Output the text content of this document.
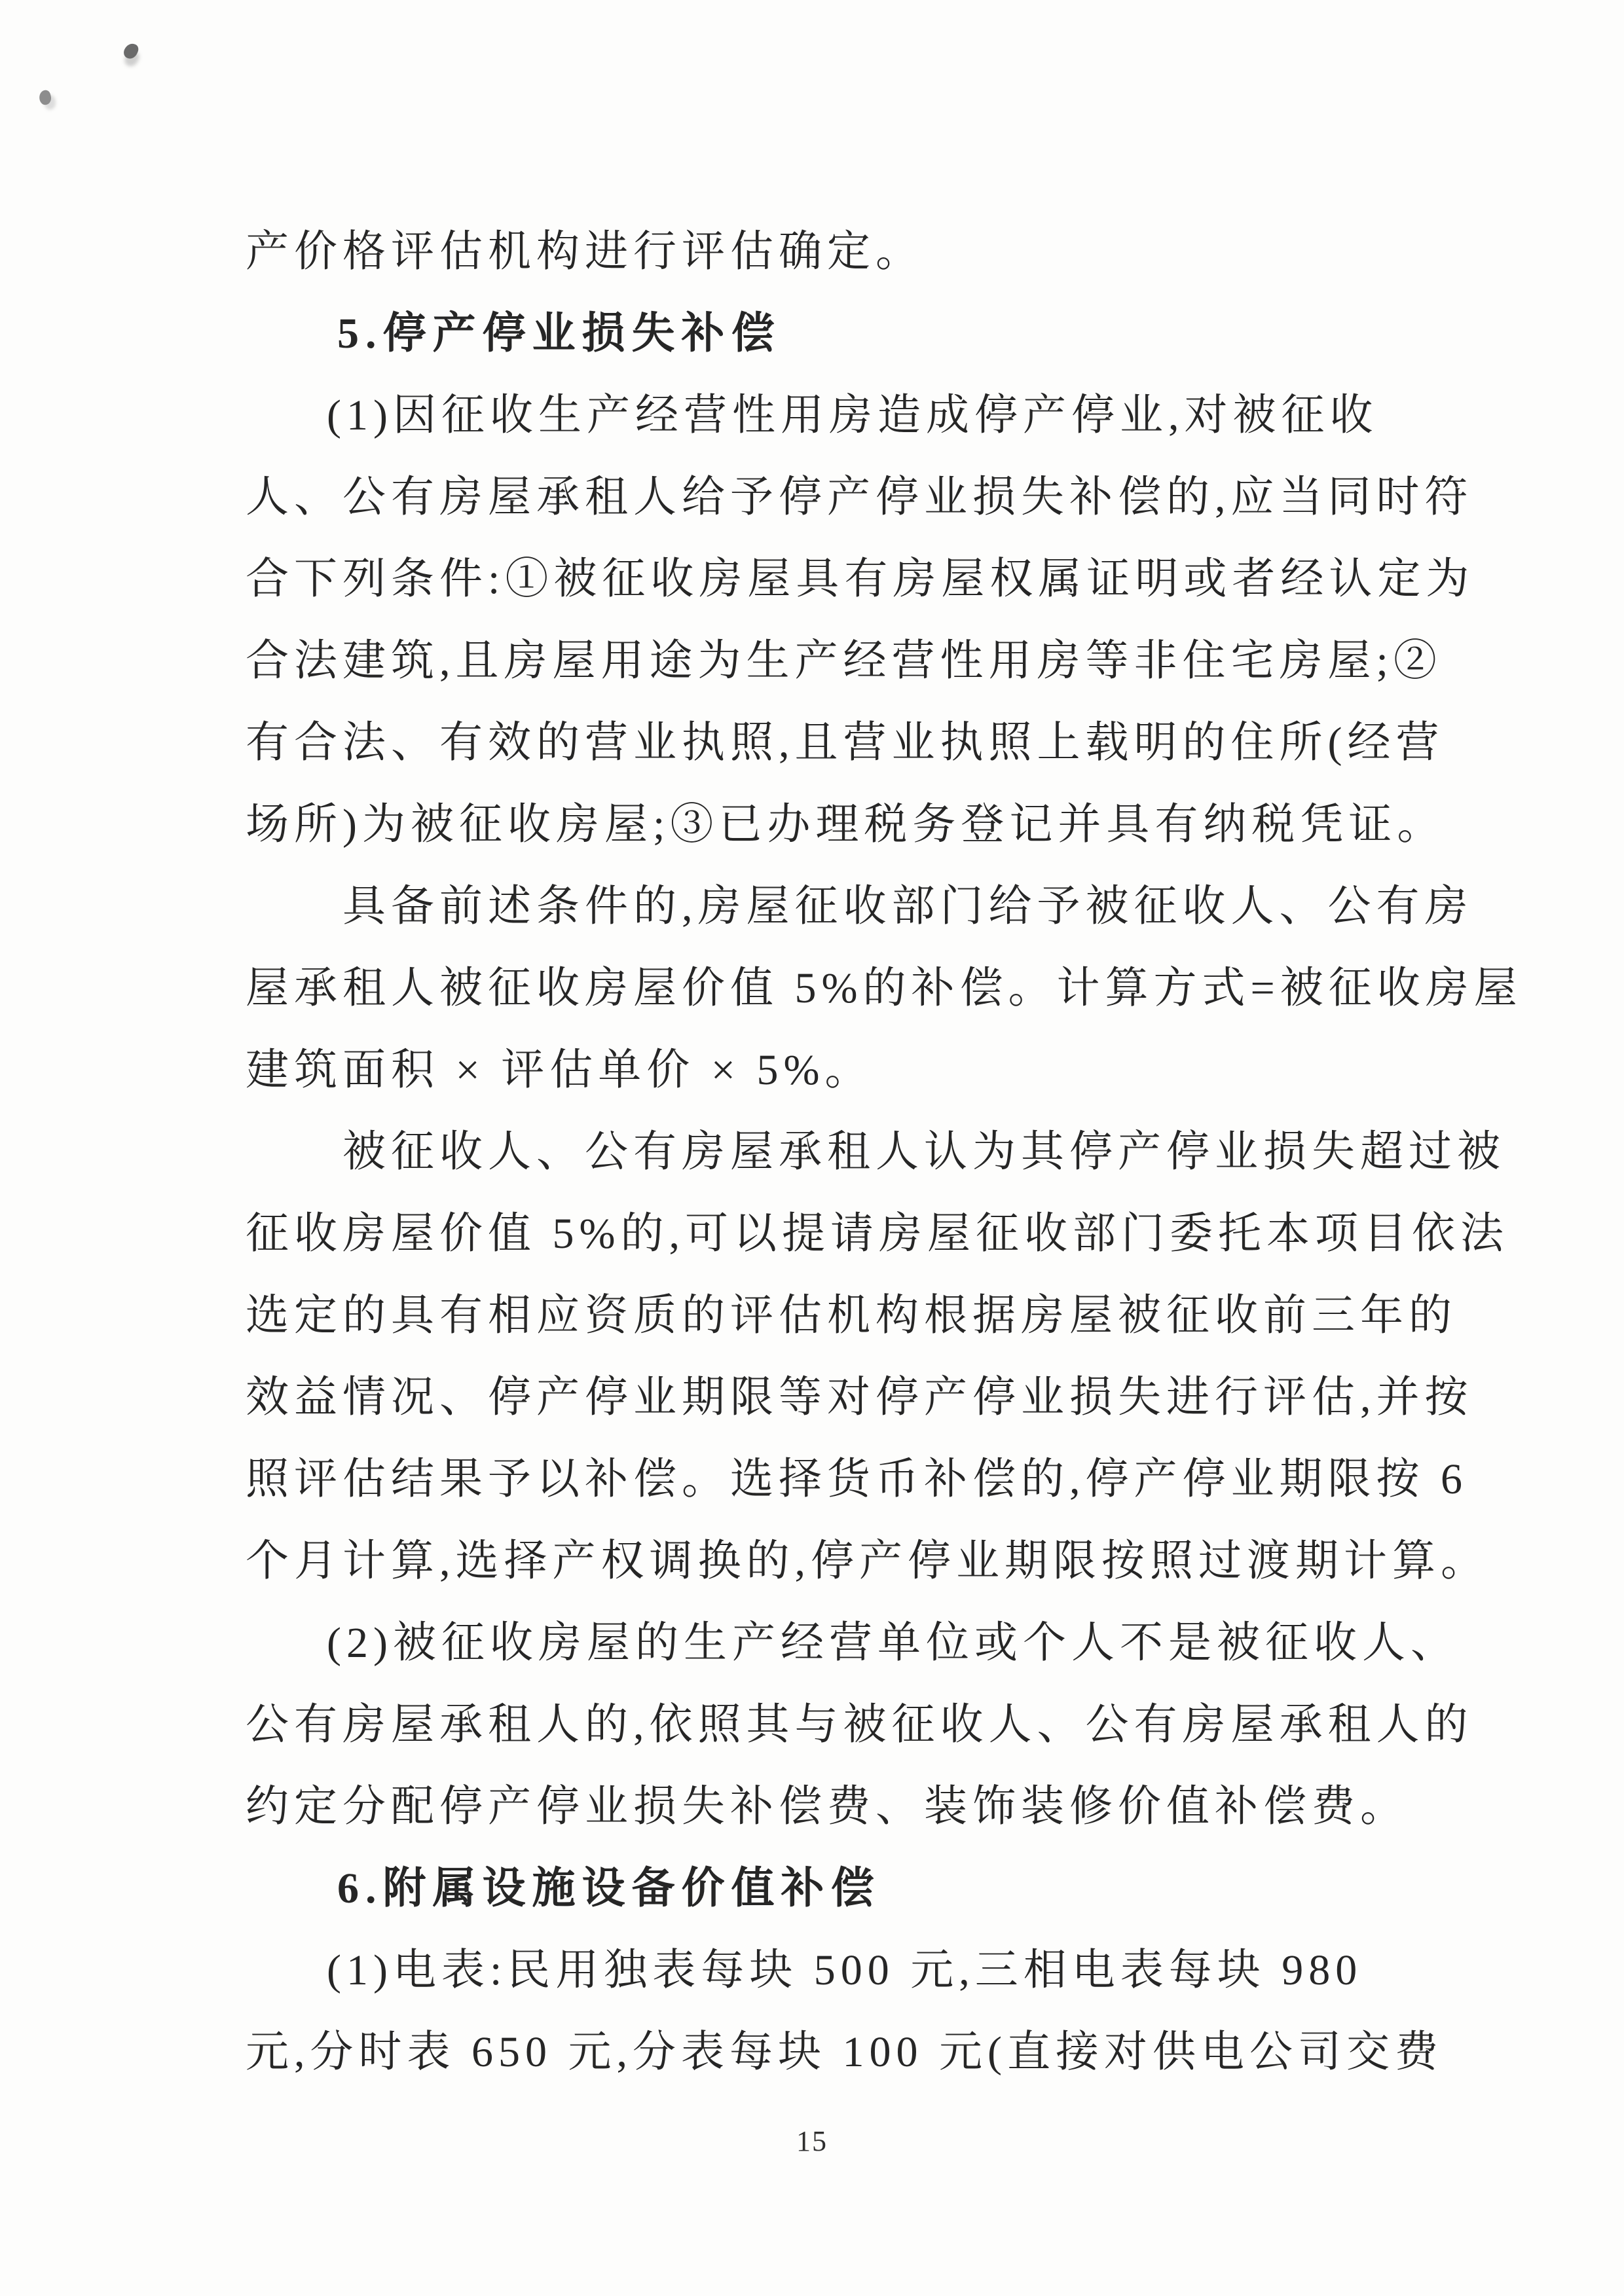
产价格评估机构进行评估确定。

5.停产停业损失补偿

(1)因征收生产经营性用房造成停产停业,对被征收

人、公有房屋承租人给予停产停业损失补偿的,应当同时符

合下列条件:①被征收房屋具有房屋权属证明或者经认定为

合法建筑,且房屋用途为生产经营性用房等非住宅房屋;②

有合法、有效的营业执照,且营业执照上载明的住所(经营

场所)为被征收房屋;③已办理税务登记并具有纳税凭证。

具备前述条件的,房屋征收部门给予被征收人、公有房

屋承租人被征收房屋价值 5%的补偿。计算方式=被征收房屋

建筑面积 × 评估单价 × 5%。

被征收人、公有房屋承租人认为其停产停业损失超过被

征收房屋价值 5%的,可以提请房屋征收部门委托本项目依法

选定的具有相应资质的评估机构根据房屋被征收前三年的

效益情况、停产停业期限等对停产停业损失进行评估,并按

照评估结果予以补偿。选择货币补偿的,停产停业期限按 6

个月计算,选择产权调换的,停产停业期限按照过渡期计算。

(2)被征收房屋的生产经营单位或个人不是被征收人、

公有房屋承租人的,依照其与被征收人、公有房屋承租人的

约定分配停产停业损失补偿费、装饰装修价值补偿费。

6.附属设施设备价值补偿

(1)电表:民用独表每块 500 元,三相电表每块 980

元,分时表 650 元,分表每块 100 元(直接对供电公司交费

15
